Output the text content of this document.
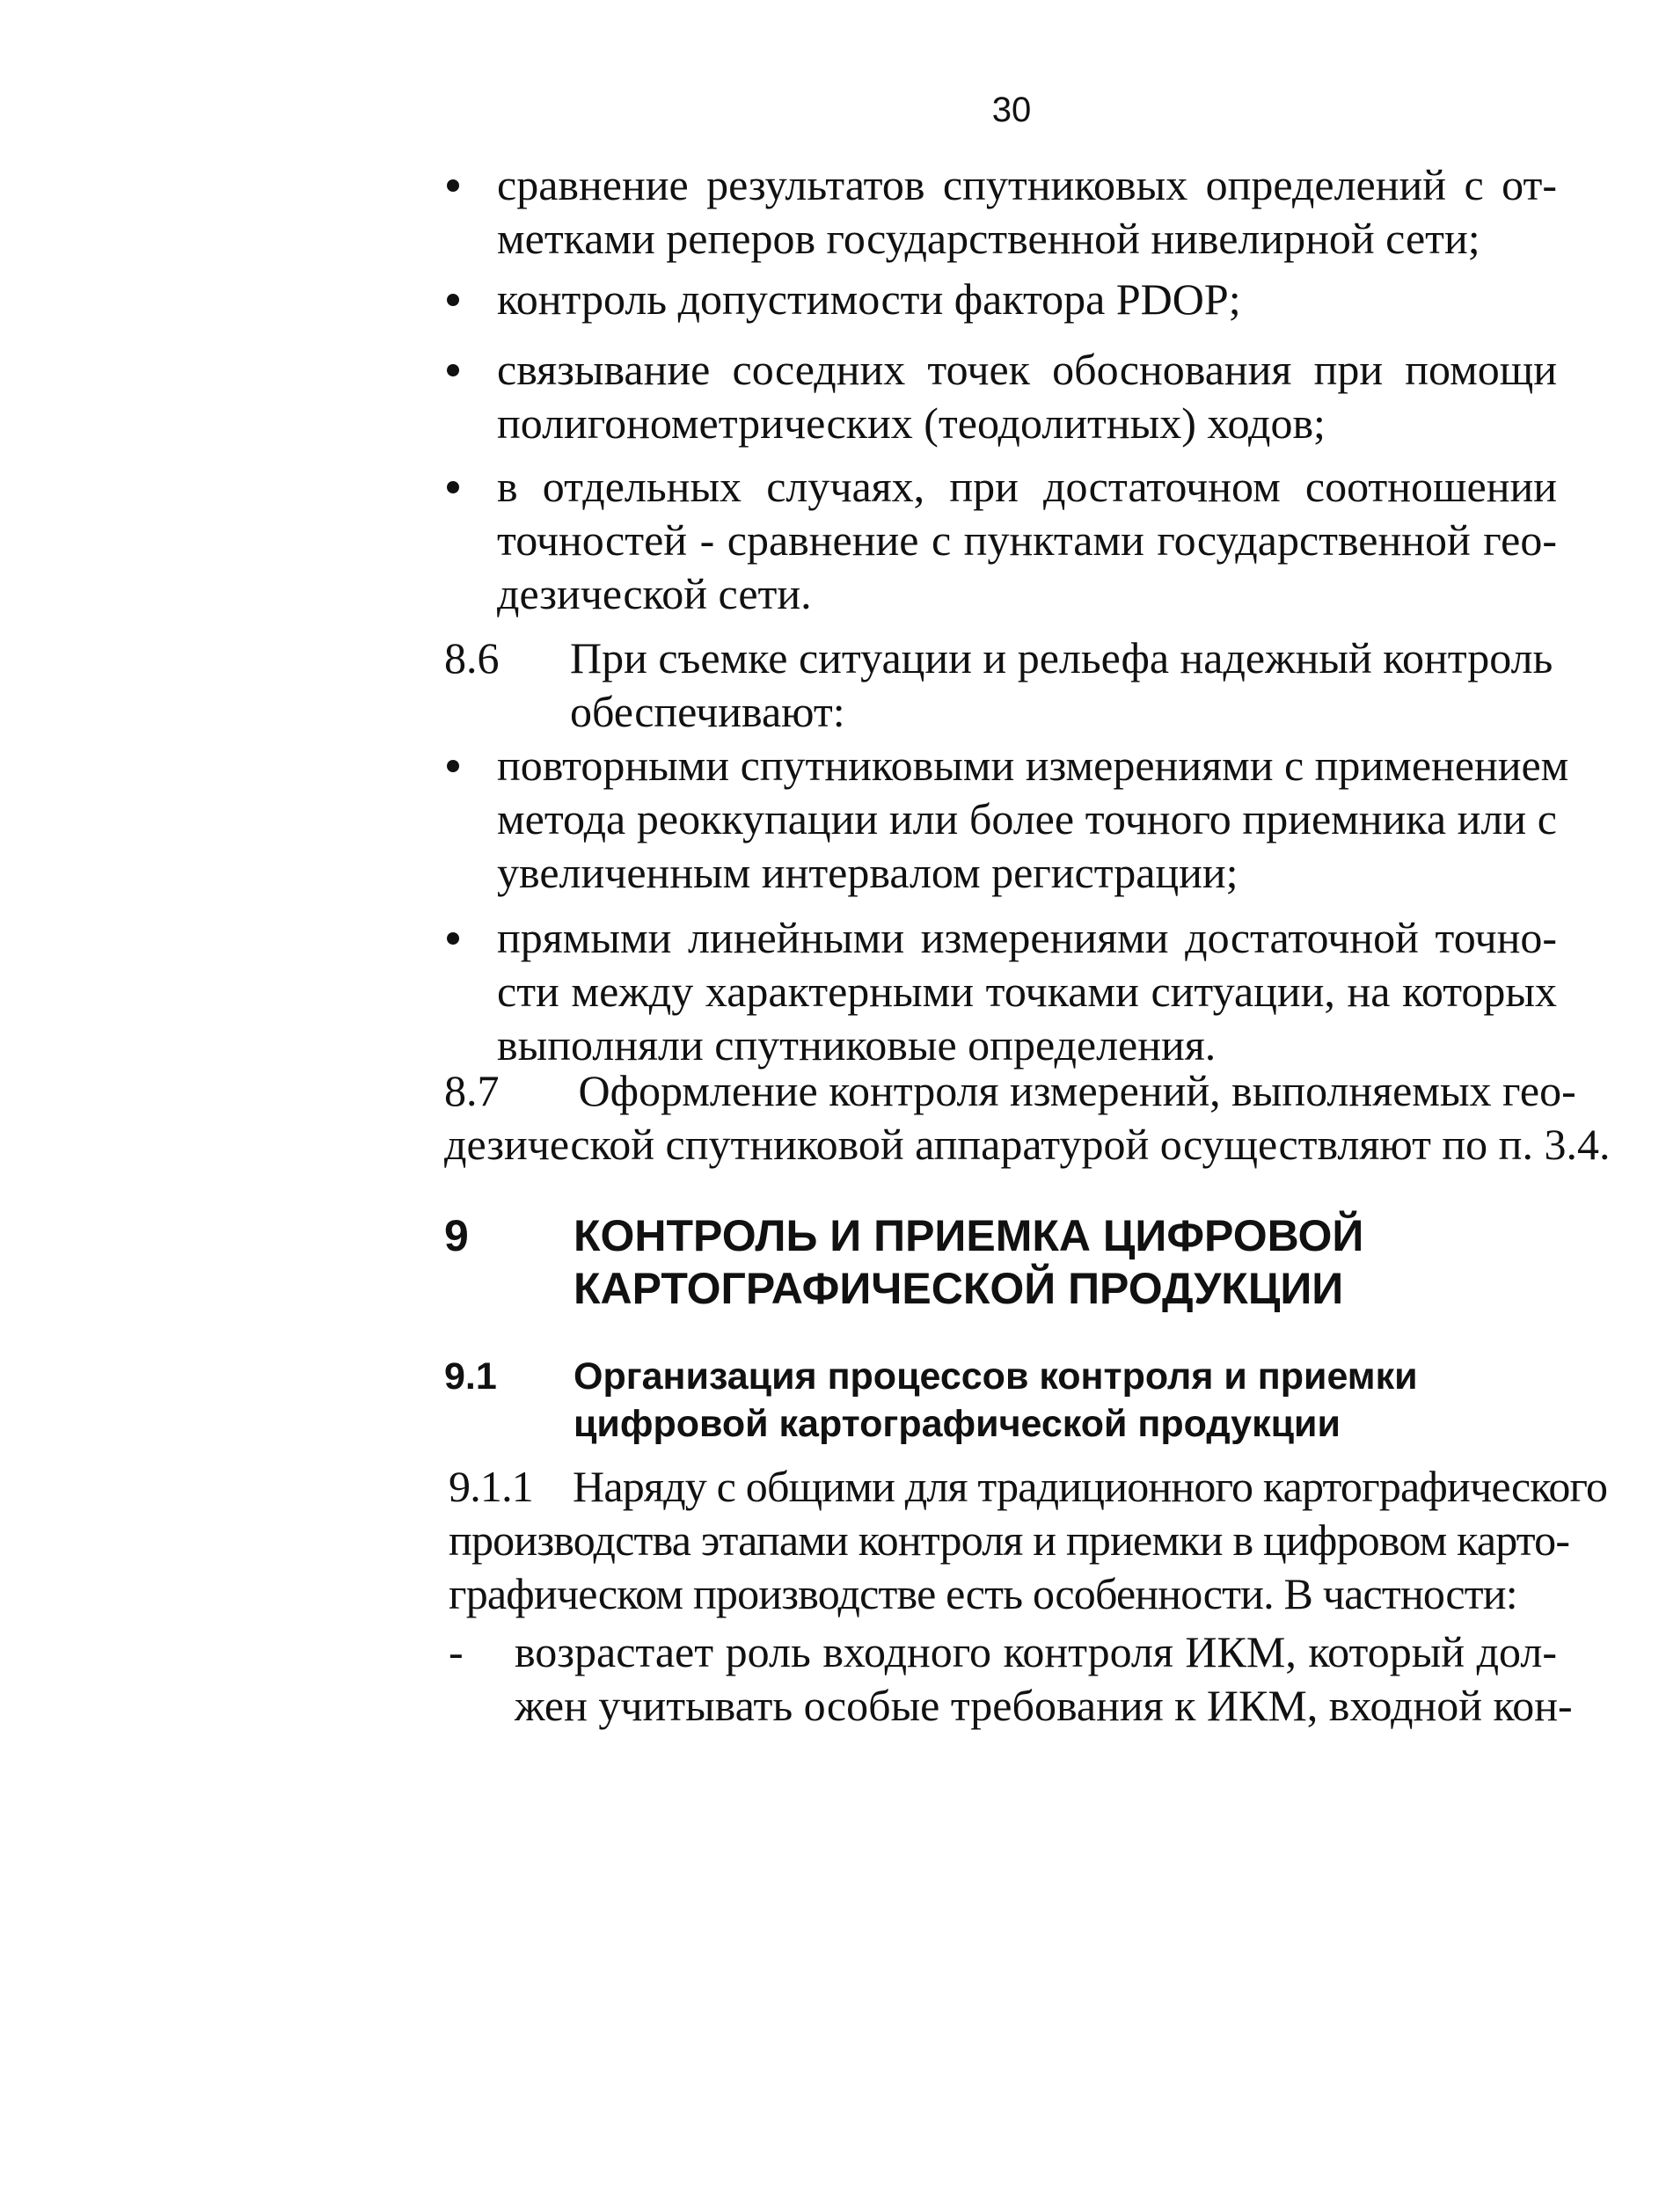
30
сравнение результатов спутниковых определений с от-
метками реперов государственной нивелирной сети;
контроль допустимости фактора PDOP;
связывание соседних точек обоснования при помощи
полигонометрических (теодолитных) ходов;
в отдельных случаях, при достаточном соотношении
точностей - сравнение с пунктами государственной гео-
дезической сети.
8.6 При съемке ситуации и рельефа надежный контроль
обеспечивают:
повторными спутниковыми измерениями с применением
метода реоккупации или более точного приемника или с
увеличенным интервалом регистрации;
прямыми линейными измерениями достаточной точно-
сти между характерными точками ситуации, на которых
выполняли спутниковые определения.
8.7 Оформление контроля измерений, выполняемых гео-
дезической спутниковой аппаратурой осуществляют по п. 3.4.
9 КОНТРОЛЬ И ПРИЕМКА ЦИФРОВОЙ
КАРТОГРАФИЧЕСКОЙ ПРОДУКЦИИ
9.1 Организация процессов контроля и приемки
цифровой картографической продукции
9.1.1 Наряду с общими для традиционного картографического
производства этапами контроля и приемки в цифровом карто-
графическом производстве есть особенности. В частности:
- возрастает роль входного контроля ИКМ, который дол-
жен учитывать особые требования к ИКМ, входной кон-
